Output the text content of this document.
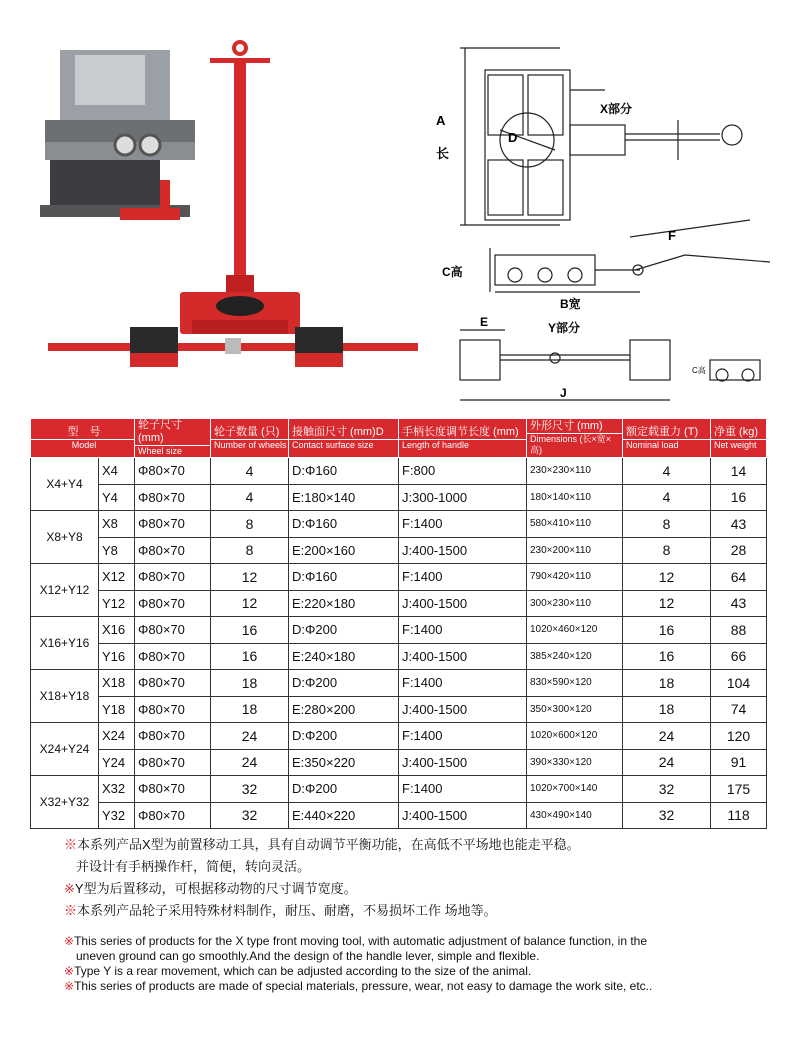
A
长
X部分
D
F
C高
B宽
E	Y部分
J
C高
型　号
Model		轮子尺寸 (mm)
Wheel size	轮子数量 (只)
Number of wheels	接触面尺寸 (mm)D
Contact surface size	手柄长度调节长度 (mm)
Length of handle	外形尺寸 (mm)
Dimensions (长×宽×高)	额定载重力 (T)
Nominal load	净重 (kg)
Net weight

X4+Y4	X4	Φ80×70	4	D:Φ160	F:800	230×230×110	4	14
	Y4	Φ80×70	4	E:180×140	J:300-1000	180×140×110	4	16
X8+Y8	X8	Φ80×70	8	D:Φ160	F:1400	580×410×110	8	43
	Y8	Φ80×70	8	E:200×160	J:400-1500	230×200×110	8	28
X12+Y12	X12	Φ80×70	12	D:Φ160	F:1400	790×420×110	12	64
	Y12	Φ80×70	12	E:220×180	J:400-1500	300×230×110	12	43
X16+Y16	X16	Φ80×70	16	D:Φ200	F:1400	1020×460×120	16	88
	Y16	Φ80×70	16	E:240×180	J:400-1500	385×240×120	16	66
X18+Y18	X18	Φ80×70	18	D:Φ200	F:1400	830×590×120	18	104
	Y18	Φ80×70	18	E:280×200	J:400-1500	350×300×120	18	74
X24+Y24	X24	Φ80×70	24	D:Φ200	F:1400	1020×600×120	24	120
	Y24	Φ80×70	24	E:350×220	J:400-1500	390×330×120	24	91
X32+Y32	X32	Φ80×70	32	D:Φ200	F:1400	1020×700×140	32	175
	Y32	Φ80×70	32	E:440×220	J:400-1500	430×490×140	32	118

※本系列产品X型为前置移动工具，具有自动调节平衡功能，在高低不平场地也能走平稳。

并设计有手柄操作杆，简便，转向灵活。

※Y型为后置移动，可根据移动物的尺寸调节宽度。

※本系列产品轮子采用特殊材料制作，耐压、耐磨，不易损坏工作 场地等。

※This series of products for the X type front moving tool, with automatic adjustment of balance function, in the

uneven ground can go smoothly.And the design of the handle lever, simple and flexible.

※Type Y is a rear movement, which can be adjusted according to the size of the animal.

※This series of products are made of special materials, pressure, wear, not easy to damage the work site, etc..
